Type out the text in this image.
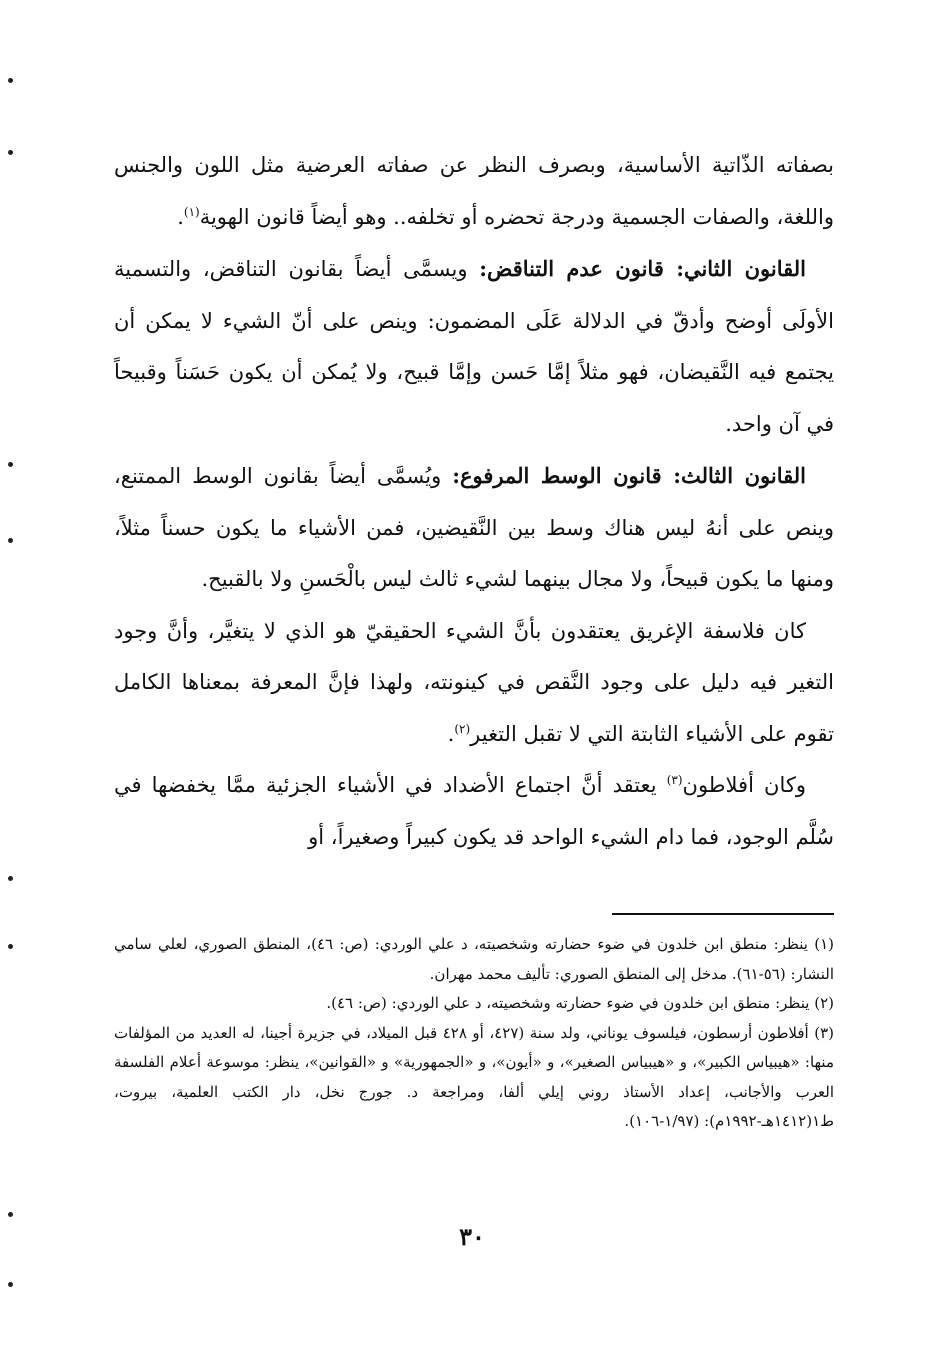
بصفاته الذّاتية الأساسية، وبصرف النظر عن صفاته العرضية مثل اللون والجنس واللغة، والصفات الجسمية ودرجة تحضره أو تخلفه.. وهو أيضاً قانون الهوية$^{(١)}$.

القانون الثاني: قانون عدم التناقض: ويسمَّى أيضاً بقانون التناقض، والتسمية الأولَى أوضح وأدقّ في الدلالة عَلَى المضمون: وينص على أنّ الشيء لا يمكن أن يجتمع فيه النَّقيضان، فهو مثلاً إمَّا حَسن وإمَّا قبيح، ولا يُمكن أن يكون حَسَناً وقبيحاً في آن واحد.

القانون الثالث: قانون الوسط المرفوع: ويُسمَّى أيضاً بقانون الوسط الممتنع، وينص على أنهُ ليس هناك وسط بين النَّقيضين، فمن الأشياء ما يكون حسناً مثلاً، ومنها ما يكون قبيحاً، ولا مجال بينهما لشيء ثالث ليس بالْحَسنِ ولا بالقبيح.

كان فلاسفة الإغريق يعتقدون بأنَّ الشيء الحقيقيّ هو الذي لا يتغيَّر، وأنَّ وجود التغير فيه دليل على وجود النَّقص في كينونته، ولهذا فإنَّ المعرفة بمعناها الكامل تقوم على الأشياء الثابتة التي لا تقبل التغير$^{(٢)}$.

وكان أفلاطون$^{(٣)}$ يعتقد أنَّ اجتماع الأضداد في الأشياء الجزئية ممَّا يخفضها في سُلَّم الوجود، فما دام الشيء الواحد قد يكون كبيراً وصغيراً، أو

(١) ينظر: منطق ابن خلدون في ضوء حضارته وشخصيته، د علي الوردي: (ص: ٤٦)، المنطق الصوري، لعلي سامي النشار: (٥٦-٦١). مدخل إلى المنطق الصوري: تأليف محمد مهران.

(٢) ينظر: منطق ابن خلدون في ضوء حضارته وشخصيته، د علي الوردي: (ص: ٤٦).

(٣) أفلاطون أرسطون، فيلسوف يوناني، ولد سنة (٤٢٧، أو ٤٢٨ قبل الميلاد، في جزيرة أجينا، له العديد من المؤلفات منها: «هيبياس الكبير»، و «هيبياس الصغير»، و «أيون»، و «الجمهورية» و «القوانين»، ينظر: موسوعة أعلام الفلسفة العرب والأجانب، إعداد الأستاذ روني إيلي ألفا، ومراجعة د. جورج نخل، دار الكتب العلمية، بيروت، ط١(١٤١٢هـ-١٩٩٢م): (١/٩٧-١٠٦).

٣٠
